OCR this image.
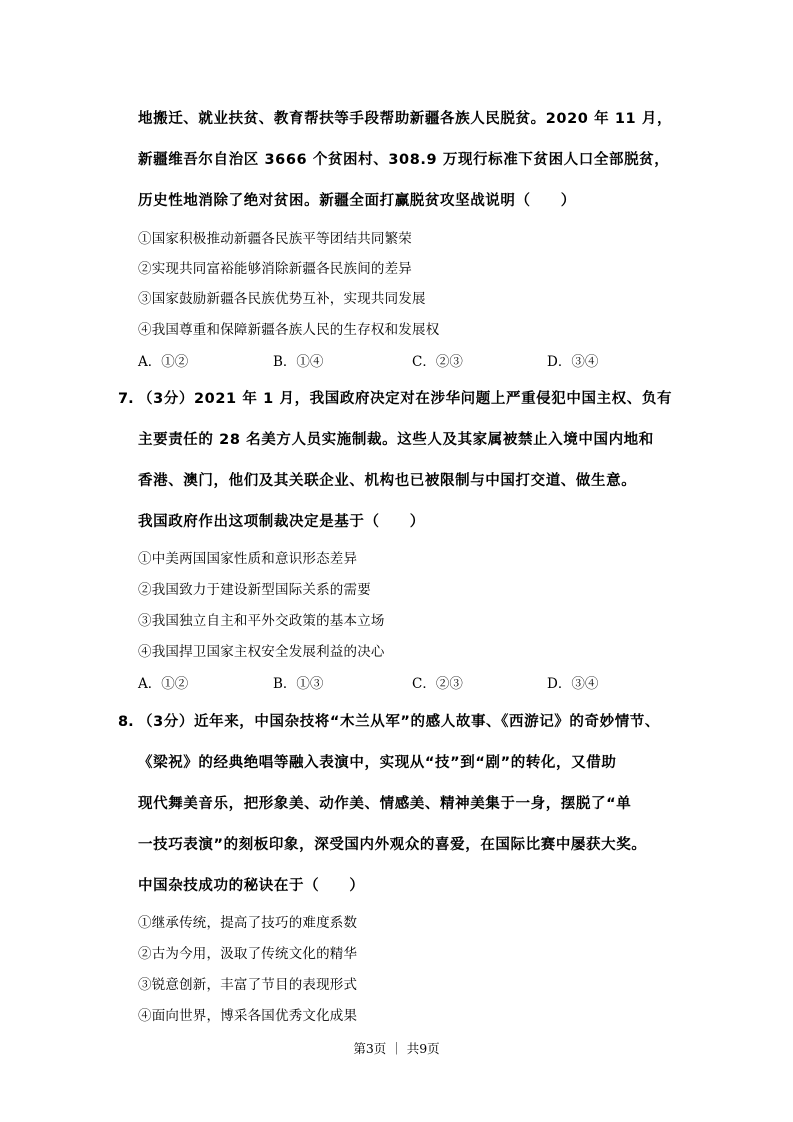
地搬迁、就业扶贫、教育帮扶等手段帮助新疆各族人民脱贫。2020 年 11 月，
新疆维吾尔自治区 3666 个贫困村、308.9 万现行标准下贫困人口全部脱贫，
历史性地消除了绝对贫困。新疆全面打赢脱贫攻坚战说明（　　）
①国家积极推动新疆各民族平等团结共同繁荣
②实现共同富裕能够消除新疆各民族间的差异
③国家鼓励新疆各民族优势互补，实现共同发展
④我国尊重和保障新疆各族人民的生存权和发展权
A．①②	B．①④	C．②③	D．③④
7. （3分）2021 年 1 月，我国政府决定对在涉华问题上严重侵犯中国主权、负有
主要责任的 28 名美方人员实施制裁。这些人及其家属被禁止入境中国内地和
香港、澳门，他们及其关联企业、机构也已被限制与中国打交道、做生意。
我国政府作出这项制裁决定是基于（　　）
①中美两国国家性质和意识形态差异
②我国致力于建设新型国际关系的需要
③我国独立自主和平外交政策的基本立场
④我国捍卫国家主权安全发展利益的决心
A．①②	B．①③	C．②③	D．③④
8. （3分）近年来，中国杂技将“木兰从军”的感人故事、《西游记》的奇妙情节、
《梁祝》的经典绝唱等融入表演中，实现从“技”到“剧”的转化，又借助
现代舞美音乐，把形象美、动作美、情感美、精神美集于一身，摆脱了“单
一技巧表演”的刻板印象，深受国内外观众的喜爱，在国际比赛中屡获大奖。
中国杂技成功的秘诀在于（　　）
①继承传统，提高了技巧的难度系数
②古为今用，汲取了传统文化的精华
③锐意创新，丰富了节目的表现形式
④面向世界，博采各国优秀文化成果
第3页 ｜ 共9页
